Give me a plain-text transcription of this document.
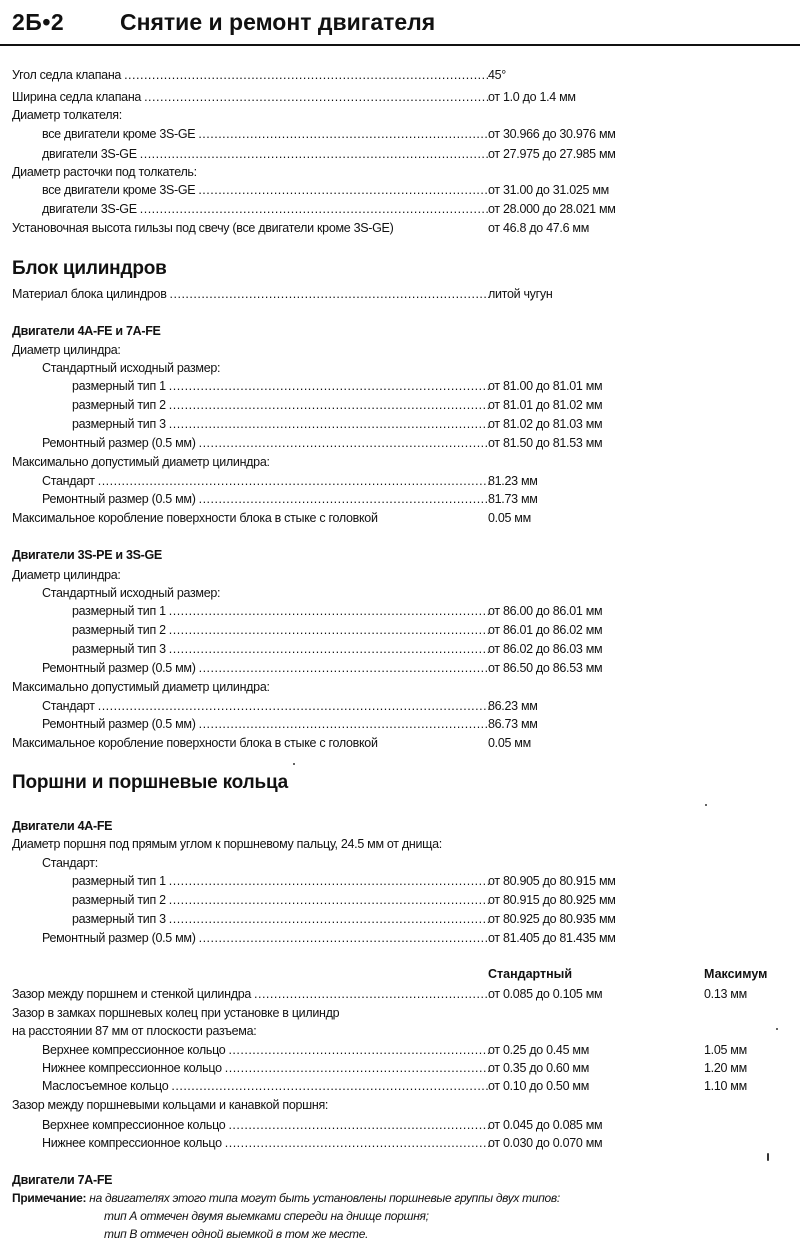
2Б•2 Снятие и ремонт двигателя
Угол седла клапана .....	45°
Ширина седла клапана .....	от 1.0 до 1.4 мм
Диаметр толкателя:
все двигатели кроме 3S-GE .....	от 30.966 до 30.976 мм
двигатели 3S-GE .....	от 27.975 до 27.985 мм
Диаметр расточки под толкатель:
все двигатели кроме 3S-GE .....	от 31.00 до 31.025 мм
двигатели 3S-GE .....	от 28.000 до 28.021 мм
Установочная высота гильзы под свечу (все двигатели кроме 3S-GE)	от 46.8 до 47.6 мм
Блок цилиндров
Материал блока цилиндров .....	литой чугун
Двигатели 4A-FE и 7A-FE
Диаметр цилиндра:
Стандартный исходный размер:
размерный тип 1 .....	от 81.00 до 81.01 мм
размерный тип 2 .....	от 81.01 до 81.02 мм
размерный тип 3 .....	от 81.02 до 81.03 мм
Ремонтный размер (0.5 мм) .....	от 81.50 до 81.53 мм
Максимально допустимый диаметр цилиндра:
Стандарт .....	81.23 мм
Ремонтный размер (0.5 мм) .....	81.73 мм
Максимальное коробление поверхности блока в стыке с головкой	0.05 мм
Двигатели 3S-PE и 3S-GE
Диаметр цилиндра:
Стандартный исходный размер:
размерный тип 1 .....	от 86.00 до 86.01 мм
размерный тип 2 .....	от 86.01 до 86.02 мм
размерный тип 3 .....	от 86.02 до 86.03 мм
Ремонтный размер (0.5 мм) .....	от 86.50 до 86.53 мм
Максимально допустимый диаметр цилиндра:
Стандарт .....	86.23 мм
Ремонтный размер (0.5 мм) .....	86.73 мм
Максимальное коробление поверхности блока в стыке с головкой	0.05 мм
Поршни и поршневые кольца
Двигатели 4A-FE
Диаметр поршня под прямым углом к поршневому пальцу, 24.5 мм от днища:
Стандарт:
размерный тип 1 .....	от 80.905 до 80.915 мм
размерный тип 2 .....	от 80.915 до 80.925 мм
размерный тип 3 .....	от 80.925 до 80.935 мм
Ремонтный размер (0.5 мм) .....	от 81.405 до 81.435 мм
Стандартный	Максимум
Зазор между поршнем и стенкой цилиндра .....	от 0.085 до 0.105 мм	0.13 мм
Зазор в замках поршневых колец при установке в цилиндр
на расстоянии 87 мм от плоскости разъема:
Верхнее компрессионное кольцо .....	от 0.25 до 0.45 мм	1.05 мм
Нижнее компрессионное кольцо .....	от 0.35 до 0.60 мм	1.20 мм
Маслосъемное кольцо .....	от 0.10 до 0.50 мм	1.10 мм
Зазор между поршневыми кольцами и канавкой поршня:
Верхнее компрессионное кольцо .....	от 0.045 до 0.085 мм
Нижнее компрессионное кольцо .....	от 0.030 до 0.070 мм
Двигатели 7A-FE
Примечание: на двигателях этого типа могут быть установлены поршневые группы двух типов:
тип А отмечен двумя выемками спереди на днище поршня;
тип В отмечен одной выемкой в том же месте.
